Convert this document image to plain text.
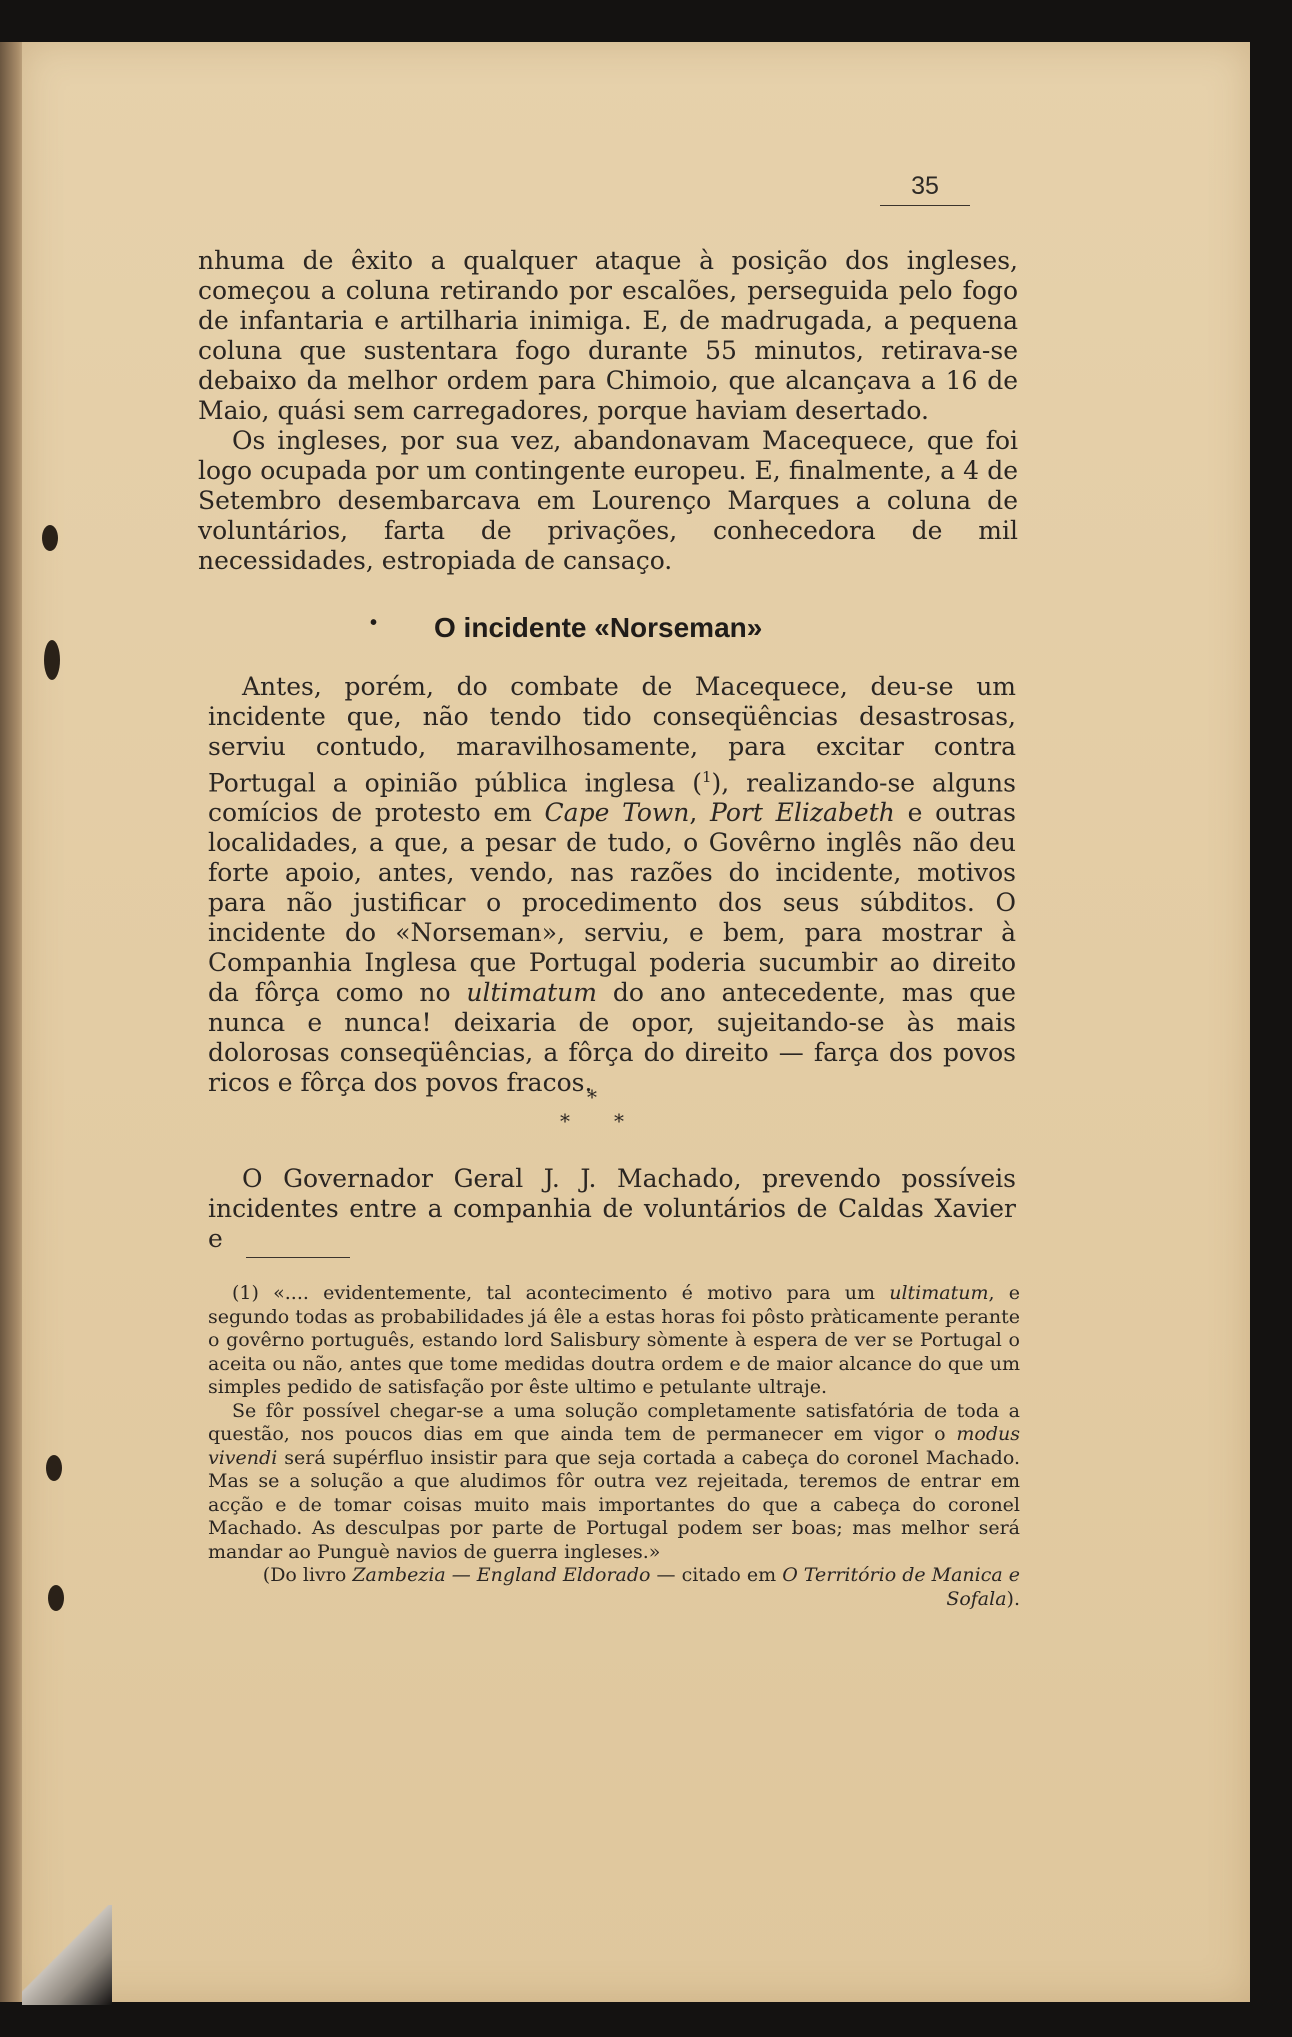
35

nhuma de êxito a qualquer ataque à posição dos ingleses, começou a coluna retirando por escalões, perseguida pelo fogo de infantaria e artilharia inimiga. E, de madrugada, a pequena coluna que sustentara fogo durante 55 minutos, retirava-se debaixo da melhor ordem para Chimoio, que alcançava a 16 de Maio, quási sem carregadores, porque haviam desertado.

Os ingleses, por sua vez, abandonavam Macequece, que foi logo ocupada por um contingente europeu. E, finalmente, a 4 de Setembro desembarcava em Lourenço Marques a coluna de voluntários, farta de privações, conhecedora de mil necessidades, estropiada de cansaço.

• O incidente «Norseman»

Antes, porém, do combate de Macequece, deu-se um incidente que, não tendo tido conseqüências desastrosas, serviu contudo, maravilhosamente, para excitar contra Portugal a opinião pública inglesa ($^1$), realizando-se alguns comícios de protesto em Cape Town, Port Elizabeth e outras localidades, a que, a pesar de tudo, o Govêrno inglês não deu forte apoio, antes, vendo, nas razões do incidente, motivos para não justificar o procedimento dos seus súbditos. O incidente do «Norseman», serviu, e bem, para mostrar à Companhia Inglesa que Portugal poderia sucumbir ao direito da fôrça como no ultimatum do ano antecedente, mas que nunca e nunca! deixaria de opor, sujeitando-se às mais dolorosas conseqüências, a fôrça do direito — farça dos povos ricos e fôrça dos povos fracos.

*
* *

O Governador Geral J. J. Machado, prevendo possíveis incidentes entre a companhia de voluntários de Caldas Xavier e

(1) «.... evidentemente, tal acontecimento é motivo para um ultimatum, e segundo todas as probabilidades já êle a estas horas foi pôsto pràticamente perante o govêrno português, estando lord Salisbury sòmente à espera de ver se Portugal o aceita ou não, antes que tome medidas doutra ordem e de maior alcance do que um simples pedido de satisfação por êste ultimo e petulante ultraje.

Se fôr possível chegar-se a uma solução completamente satisfatória de toda a questão, nos poucos dias em que ainda tem de permanecer em vigor o modus vivendi será supérfluo insistir para que seja cortada a cabeça do coronel Machado. Mas se a solução a que aludimos fôr outra vez rejeitada, teremos de entrar em acção e de tomar coisas muito mais importantes do que a cabeça do coronel Machado. As desculpas por parte de Portugal podem ser boas; mas melhor será mandar ao Punguè navios de guerra ingleses.»

(Do livro Zambezia — England Eldorado — citado em O Território de Manica e Sofala).
